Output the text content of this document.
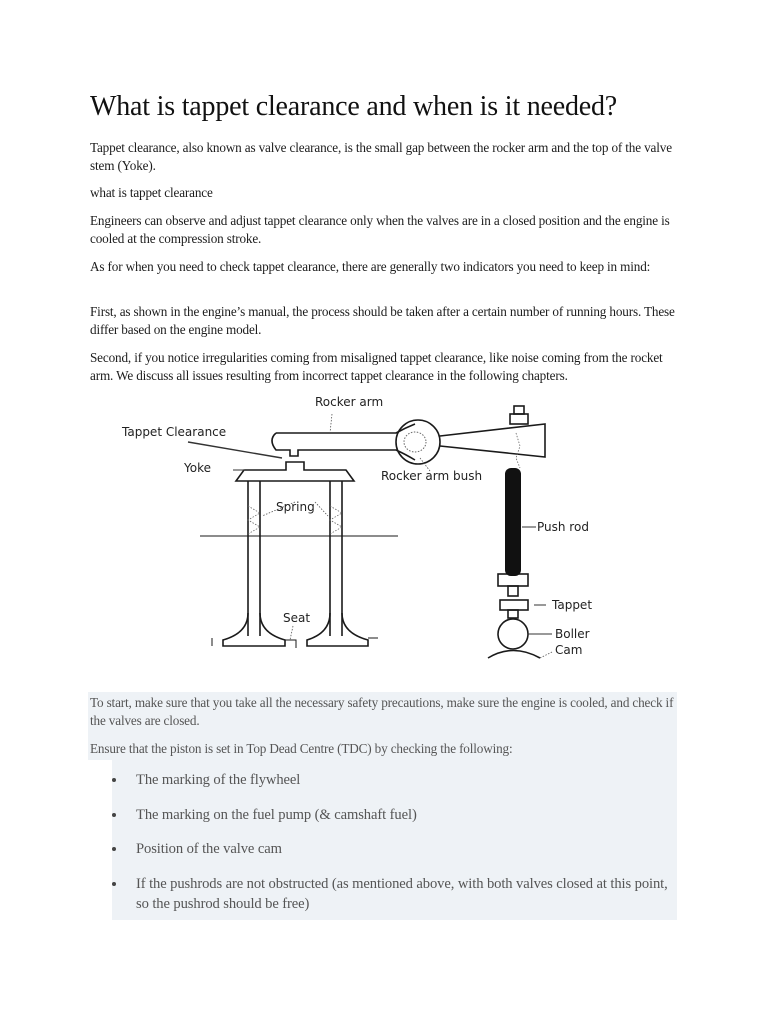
What is tappet clearance and when is it needed?

Tappet clearance, also known as valve clearance, is the small gap between the rocker arm and the top of the valve stem (Yoke).

what is tappet clearance

Engineers can observe and adjust tappet clearance only when the valves are in a closed position and the engine is cooled at the compression stroke.

As for when you need to check tappet clearance, there are generally two indicators you need to keep in mind:

First, as shown in the engine’s manual, the process should be taken after a certain number of running hours. These differ based on the engine model.

Second, if you notice irregularities coming from misaligned tappet clearance, like noise coming from the rocket arm. We discuss all issues resulting from incorrect tappet clearance in the following chapters.

Rocker arm
Tappet Clearance
Yoke
Rocker arm bush
Spring
Push rod
Seat
Tappet
Boller
Cam

To start, make sure that you take all the necessary safety precautions, make sure the engine is cooled, and check if the valves are closed.

Ensure that the piston is set in Top Dead Centre (TDC) by checking the following:

The marking of the flywheel
The marking on the fuel pump (& camshaft fuel)
Position of the valve cam
If the pushrods are not obstructed (as mentioned above, with both valves closed at this point, so the pushrod should be free)
